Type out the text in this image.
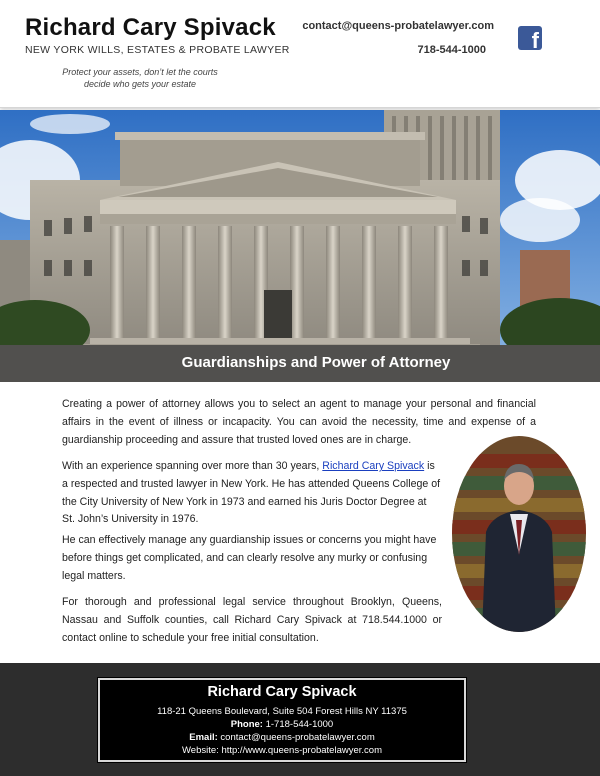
Richard Cary Spivack
NEW YORK WILLS, ESTATES & PROBATE LAWYER
Protect your assets, don’t let the courts
decide who gets your estate
contact@queens-probatelawyer.com
718-544-1000 f
Guardianships and Power of Attorney

Creating a power of attorney allows you to select an agent to manage your personal and financial affairs in the event of illness or incapacity. You can avoid the necessity, time and expense of a guardianship proceeding and assure that trusted loved ones are in charge.

With an experience spanning over more than 30 years, Richard Cary Spivack is a respected and trusted lawyer in New York. He has attended Queens College of the City University of New York in 1973 and earned his Juris Doctor Degree at St. John’s University in 1976.

He can effectively manage any guardianship issues or concerns you might have before things get complicated, and can clearly resolve any murky or confusing legal matters.

For thorough and professional legal service throughout Brooklyn, Queens, Nassau and Suffolk counties, call Richard Cary Spivack at 718.544.1000 or contact online to schedule your free initial consultation.

Richard Cary Spivack
118-21 Queens Boulevard, Suite 504 Forest Hills NY 11375
Phone: 1-718-544-1000
Email: contact@queens-probatelawyer.com
Website: http://www.queens-probatelawyer.com
